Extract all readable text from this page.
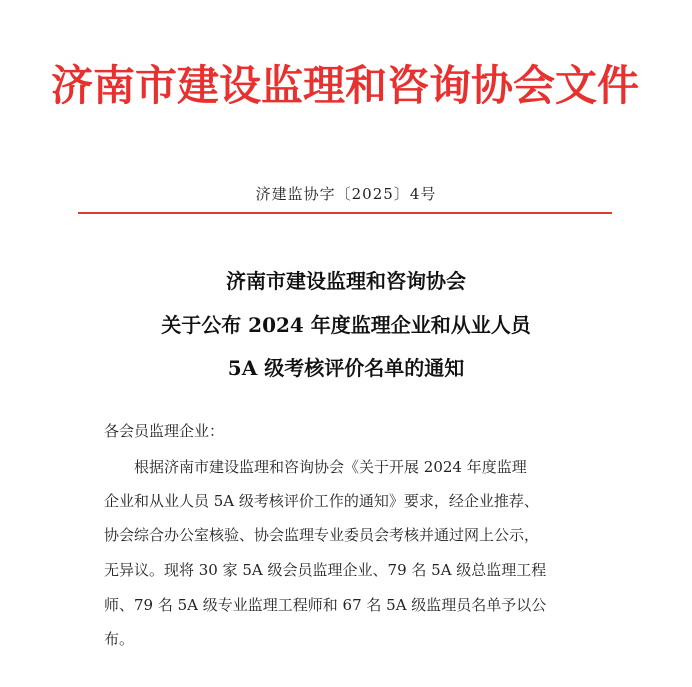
济南市建设监理和咨询协会文件
济建监协字〔2025〕4号
济南市建设监理和咨询协会
关于公布 2024 年度监理企业和从业人员
5A 级考核评价名单的通知
各会员监理企业：
根据济南市建设监理和咨询协会《关于开展 2024 年度监理
企业和从业人员 5A 级考核评价工作的通知》要求，经企业推荐、
协会综合办公室核验、协会监理专业委员会考核并通过网上公示，
无异议。现将 30 家 5A 级会员监理企业、79 名 5A 级总监理工程
师、79 名 5A 级专业监理工程师和 67 名 5A 级监理员名单予以公
布。
